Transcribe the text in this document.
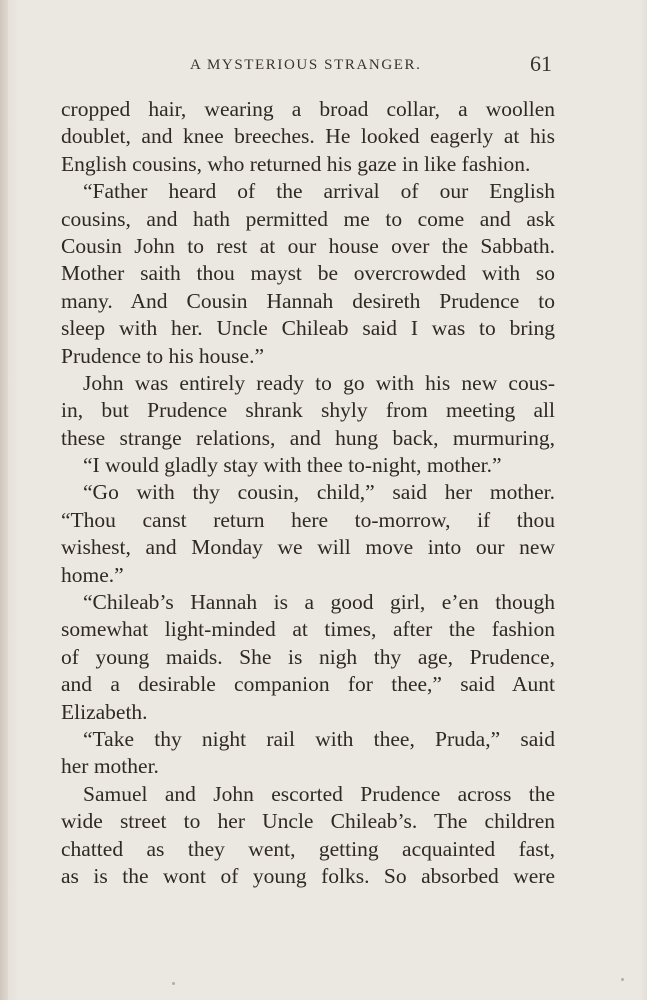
A MYSTERIOUS STRANGER.	61
cropped hair, wearing a broad collar, a woollen
doublet, and knee breeches. He looked eagerly at his
English cousins, who returned his gaze in like fashion.
“Father heard of the arrival of our English
cousins, and hath permitted me to come and ask
Cousin John to rest at our house over the Sabbath.
Mother saith thou mayst be overcrowded with so
many. And Cousin Hannah desireth Prudence to
sleep with her. Uncle Chileab said I was to bring
Prudence to his house.”
John was entirely ready to go with his new cous-
in, but Prudence shrank shyly from meeting all
these strange relations, and hung back, murmuring,
“I would gladly stay with thee to-night, mother.”
“Go with thy cousin, child,” said her mother.
“Thou canst return here to-morrow, if thou
wishest, and Monday we will move into our new
home.”
“Chileab’s Hannah is a good girl, e’en though
somewhat light-minded at times, after the fashion
of young maids. She is nigh thy age, Prudence,
and a desirable companion for thee,” said Aunt
Elizabeth.
“Take thy night rail with thee, Pruda,” said
her mother.
Samuel and John escorted Prudence across the
wide street to her Uncle Chileab’s. The children
chatted as they went, getting acquainted fast,
as is the wont of young folks. So absorbed were
